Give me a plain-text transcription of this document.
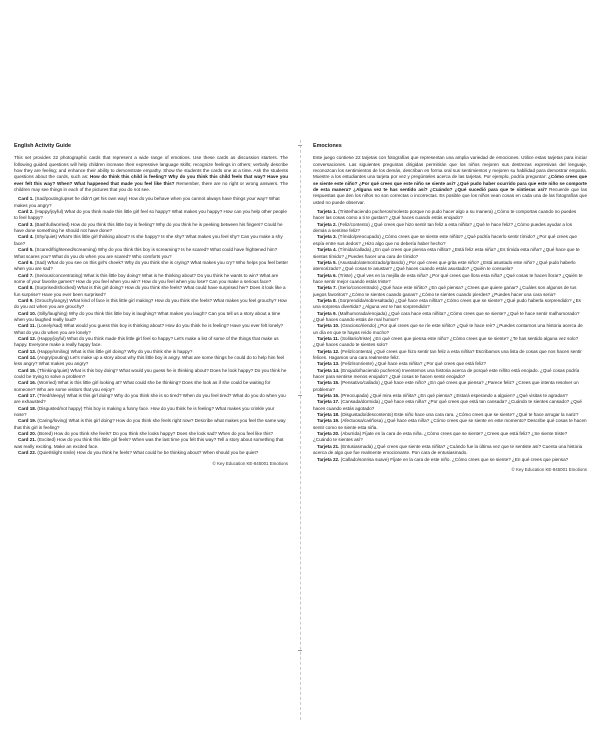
English Activity Guide

This set provides 22 photographic cards that represent a wide range of emotions. Use these cards as discussion starters. The following guided questions will help children increase their expressive language skills; recognize feelings in others; verbally describe how they are feeling; and enhance their ability to demonstrate empathy. Show the students the cards one at a time. Ask the students questions about the cards, such as: How do think this child is feeling? Why do you think this child feels that way? Have you ever felt this way? When? What happened that made you feel like this? Remember, there are no right or wrong answers. The children may see things in each of the pictures that you do not see.

Card 1. (Sad/pouting/upset he didn't get his own way) How do you behave when you cannot always have things your way? What makes you angry?

Card 2. (Happy/joyful) What do you think made this little girl feel so happy? What makes you happy? How can you help other people to feel happy?

Card 3. (Bashful/worried) How do you think this little boy is feeling? Why do you think he is peeking between his fingers? Could he have done something he should not have done?

Card 4. (Shy/quiet) What's this little girl thinking about? Is she happy? Is she shy? What makes you feel shy? Can you make a shy face?

Card 5. (Scared/frightened/screaming) Why do you think this boy is screaming? Is he scared? What could have frightened him? What scares you? What do you do when you are scared? Who comforts you?

Card 6. (Sad) What do you see on this girl's cheek? Why do you think she is crying? What makes you cry? Who helps you feel better when you are sad?

Card 7. (Serious/concentrating) What is this little boy doing? What is he thinking about? Do you think he wants to win? What are some of your favorite games? How do you feel when you win? How do you feel when you lose? Can you make a serious face?

Card 8. (Surprised/shocked) What is this girl doing? How do you think she feels? What could have surprised her? Does it look like a fun surprise? Have you ever been surprised?

Card 9. (Grouchy/angry) What kind of face is this little girl making? How do you think she feels? What makes you feel grouchy? How do you act when you are grouchy?

Card 10. (Silly/laughing) Why do you think this little boy is laughing? What makes you laugh? Can you tell us a story about a time when you laughed really loud?

Card 11. (Lonely/sad) What would you guess this boy is thinking about? How do you think he is feeling? Have you ever felt lonely? What do you do when you are lonely?

Card 12. (Happy/joyful) What do you think made this little girl feel so happy? Let's make a list of some of the things that make us happy. Everyone make a really happy face.

Card 13. (Happy/smiling) What is this little girl doing? Why do you think she is happy?

Card 14. (Angry/pouting) Let's make up a story about why this little boy is angry. What are some things he could do to help him feel less angry? What makes you angry?

Card 15. (Thinking/quiet) What is this boy doing? What would you guess he is thinking about? Does he look happy? Do you think he could be trying to solve a problem?

Card 16. (Worried) What is this little girl looking at? What could she be thinking? Does she look as if she could be waiting for someone? Who are some visitors that you enjoy?

Card 17. (Tired/sleepy) What is this girl doing? Why do you think she is so tired? When do you feel tired? What do you do when you are exhausted?

Card 18. (Disgusted/not happy) This boy is making a funny face. How do you think he is feeling? What makes you crinkle your nose?

Card 19. (Caring/loving) What is this girl doing? How do you think she feels right now? Describe what makes you feel the same way that this girl is feeling?

Card 20. (Bored) How do you think she feels? Do you think she looks happy? Does she look sad? When do you feel like this?

Card 21. (Excited) How do you think this little girl feels? When was the last time you felt this way? Tell a story about something that was really exciting. Make an excited face.

Card 22. (Quiet/slight smile) How do you think he feels? What could he be thinking about? When should you be quiet?

© Key Education KE-845001 Emotions
Emociones

Este juego contiene 22 tarjetas con fotografías que representan una amplia variedad de emociones. Utilice estas tarjetas para iniciar conversaciones. Las siguientes preguntas dirigidas permitirán que los niños mejoren sus destrezas expresivas del lenguaje, reconozcan los sentimientos de los demás, describan en forma oral sus sentimientos y mejoren su habilidad para demostrar empatía. Muestre a los estudiantes una tarjeta por vez y pregúnteles acerca de las tarjetas. Por ejemplo, podría preguntar: ¿Cómo crees que se siente este niño? ¿Por qué crees que este niño se siente así? ¿Qué pudo haber ocurrido para que este niño se comporte de esta manera? ¿Alguna vez te has sentido así? ¿Cuándo? ¿Qué sucedió para que te sintieras así? Recuerde que las respuestas que den los niños no son correctas o incorrectas. Es posible que los niños vean cosas en cada una de las fotografías que usted no puede observar.

Tarjeta 1. (Triste/haciendo pucheros/molesto porque no pudo hacer algo a su manera) ¿Cómo te comportas cuando no puedes hacer las cosas como a ti te gustan? ¿Qué haces cuando estás enojado?

Tarjeta 2. (Feliz/contento) ¿Qué crees que hizo sentir tan feliz a esta niñita? ¿Qué te hace feliz? ¿Cómo puedes ayudar a los demás a sentirse feliz?

Tarjeta 3. (Tímido/preocupado) ¿Cómo crees que se siente este niñito? ¿Qué podría hacerlo sentir tímido? ¿Por qué crees que espía entre sus dedos? ¿Hizo algo que no debería haber hecho?

Tarjeta 4. (Tímida/callada) ¿En qué crees que piensa esta niñita? ¿Está feliz esta niña? ¿Es tímida esta niña? ¿Qué hace que te sientas tímido? ¿Puedes hacer una cara de tímido?

Tarjeta 5. (Asustado/atemorizado/gritando) ¿Por qué crees que grita este niño? ¿Está asustado este niño? ¿Qué pudo haberlo atemorizado? ¿Qué cosas te asustan? ¿Qué haces cuando estás asustado? ¿Quién te consuela?

Tarjeta 6. (Triste) ¿Qué ves en la mejilla de esta niña? ¿Por qué crees que llora esta niña? ¿Qué cosas te hacen llorar? ¿Quién te hace sentir mejor cuando estás triste?

Tarjeta 7. (Serio/concentrado) ¿Qué hace este niñito? ¿En qué piensa? ¿Crees que quiere ganar? ¿Cuáles son algunos de tus juegos favoritos? ¿Cómo te sientes cuando ganas? ¿Cómo te sientes cuando pierdes? ¿Puedes hacer una cara seria?

Tarjeta 8. (Sorprendida/sobresaltada) ¿Qué hace esta niñita? ¿Cómo crees que se siente? ¿Qué pudo haberla sorprendido? ¿Es una sorpresa divertida? ¿Alguna vez te has sorprendido?

Tarjeta 9. (Malhumorada/enojada) ¿Qué cara hace esta niñita? ¿Cómo crees que se siente? ¿Qué te hace sentir malhumorado? ¿Qué haces cuando estás de mal humor?

Tarjeta 10. (Gracioso/riendo) ¿Por qué crees que se ríe este niñito? ¿Qué te hace reír? ¿Puedes contarnos una historia acerca de un día en que te hayas reído mucho?

Tarjeta 11. (Solitario/triste) ¿En qué crees que piensa este niño? ¿Cómo crees que se siente? ¿Te has sentido alguna vez solo? ¿Qué haces cuando te sientes solo?

Tarjeta 12. (Feliz/contenta) ¿Qué crees que hizo sentir tan feliz a esta niñita? Escribamos una lista de cosas que nos hacen sentir felices. Hagamos una cara realmente feliz.

Tarjeta 13. (Feliz/sonriente) ¿Qué hace esta niñita? ¿Por qué crees que está feliz?

Tarjeta 14. (Enojado/haciendo pucheros) Inventemos una historia acerca de porqué este niñito está enojado. ¿Qué cosas podría hacer para sentirse menos enojado? ¿Qué cosas te hacen sentir enojado?

Tarjeta 15. (Pensativo/callado) ¿Qué hace este niño? ¿En qué crees que piensa? ¿Parece feliz? ¿Crees que intenta resolver un problema?

Tarjeta 16. (Preocupada) ¿Qué mira esta niñita? ¿En qué piensa? ¿Estará esperando a alguien? ¿Qué visitas te agradan?

Tarjeta 17. (Cansada/dormida) ¿Qué hace esta niña? ¿Por qué crees que está tan cansada? ¿Cuándo te sientes cansado? ¿Qué haces cuando estás agotado?

Tarjeta 18. (Disgustado/descontento) Este niño hace una cara rara. ¿Cómo crees que se siente? ¿Qué te hace arrugar la nariz?

Tarjeta 19. (Afectuosa/cariñosa) ¿Qué hace esta niña? ¿Cómo crees que se siente en este momento? Describe qué cosas te hacen sentir como se siente esta niña.

Tarjeta 20. (Aburrida) Fíjate en la cara de esta niña. ¿Cómo crees que se siente? ¿Crees que está feliz? ¿Se siente triste? ¿Cuándo te sientes así?

Tarjeta 21. (Entusiasmada) ¿Qué crees que siente esta niñita? ¿Cuándo fue la última vez que te sentiste así? Cuenta una historia acerca de algo que fue realmente emocionante. Pon cara de entusiasmado.

Tarjeta 22. (Callado/sonrisa suave) Fíjate en la cara de este niño. ¿Cómo crees que se siente? ¿En qué crees que piensa?

© Key Education KE-845001 Emotions
